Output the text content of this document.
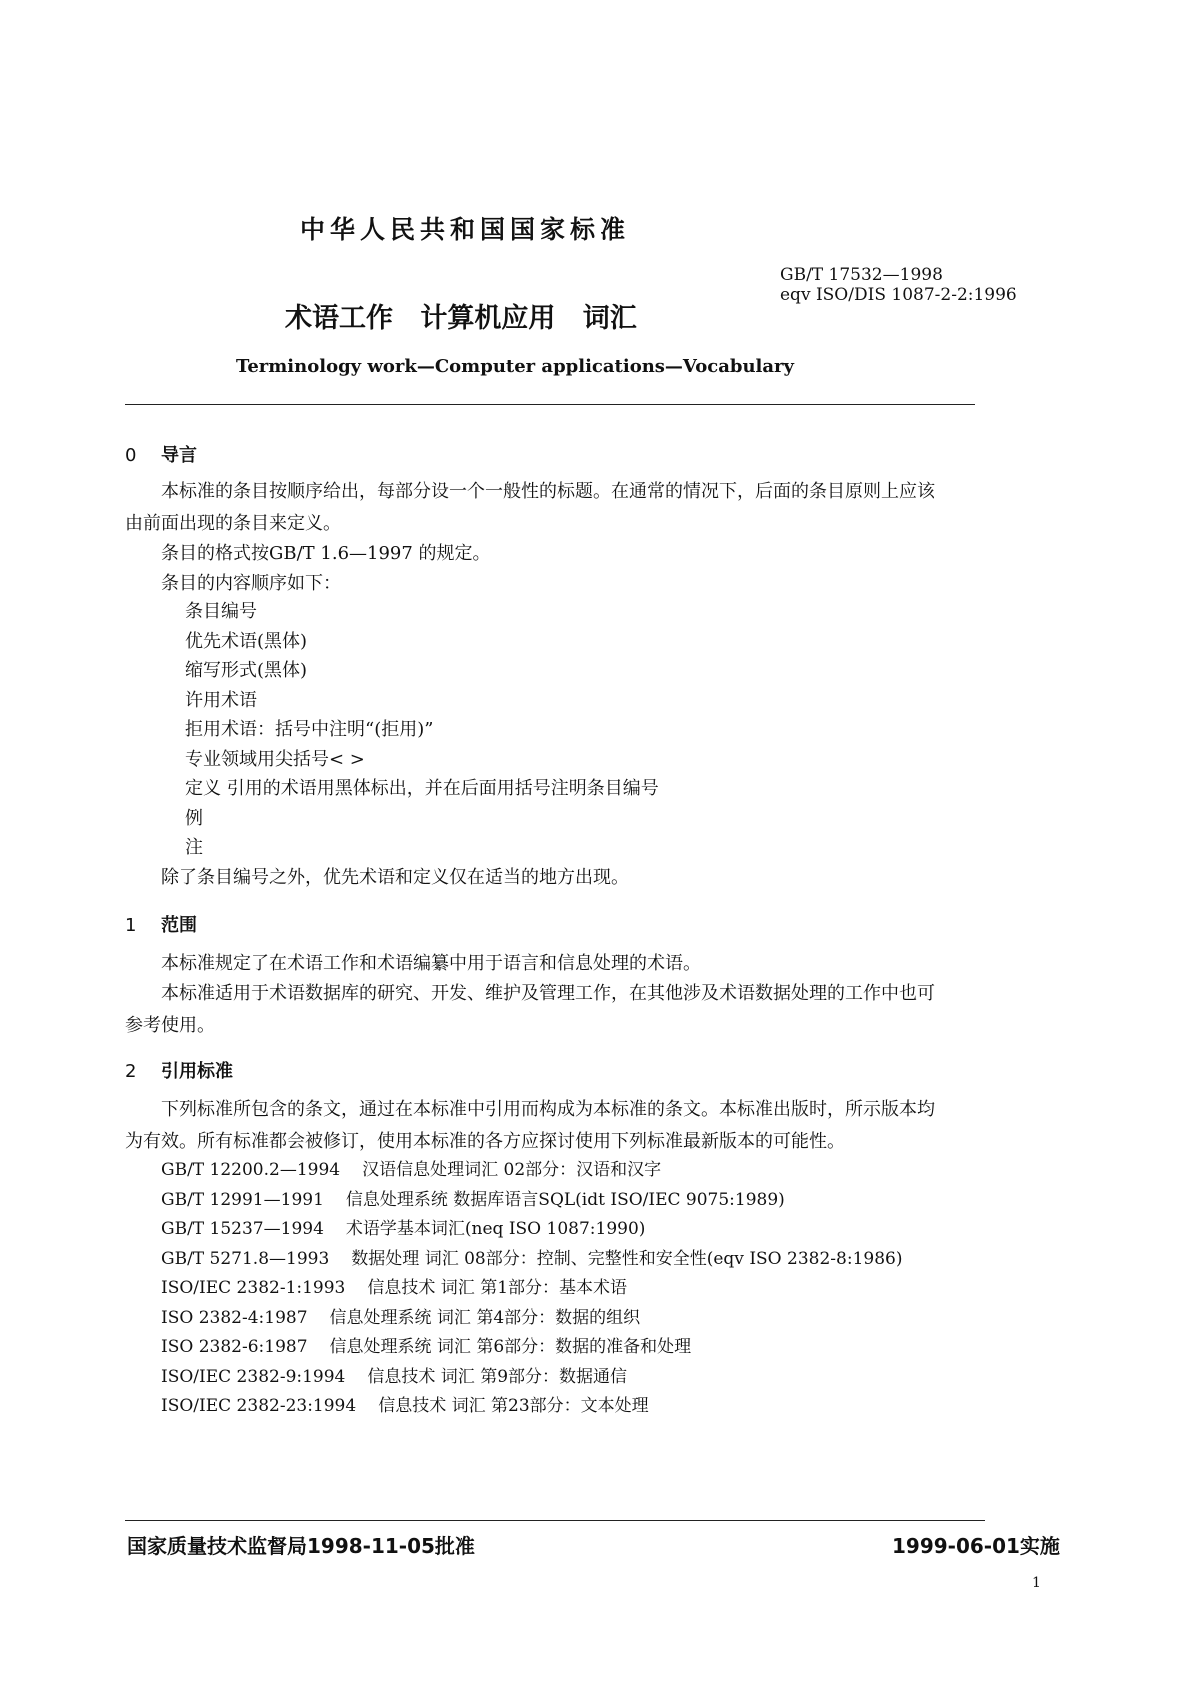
中华人民共和国国家标准
GB/T 17532—1998
eqv ISO/DIS 1087-2-2:1996
术语工作 计算机应用 词汇
Terminology work—Computer applications—Vocabulary
0 导言
本标准的条目按顺序给出，每部分设一个一般性的标题。在通常的情况下，后面的条目原则上应该
由前面出现的条目来定义。
条目的格式按GB/T 1.6—1997 的规定。
条目的内容顺序如下：
条目编号
优先术语(黑体)
缩写形式(黑体)
许用术语
拒用术语：括号中注明“(拒用)”
专业领域用尖括号< >
定义 引用的术语用黑体标出，并在后面用括号注明条目编号
例
注
除了条目编号之外，优先术语和定义仅在适当的地方出现。
1 范围
本标准规定了在术语工作和术语编纂中用于语言和信息处理的术语。
本标准适用于术语数据库的研究、开发、维护及管理工作，在其他涉及术语数据处理的工作中也可
参考使用。
2 引用标准
下列标准所包含的条文，通过在本标准中引用而构成为本标准的条文。本标准出版时，所示版本均
为有效。所有标准都会被修订，使用本标准的各方应探讨使用下列标准最新版本的可能性。
GB/T 12200.2—1994 汉语信息处理词汇 02部分：汉语和汉字
GB/T 12991—1991 信息处理系统 数据库语言SQL(idt ISO/IEC 9075:1989)
GB/T 15237—1994 术语学基本词汇(neq ISO 1087:1990)
GB/T 5271.8—1993 数据处理 词汇 08部分：控制、完整性和安全性(eqv ISO 2382-8:1986)
ISO/IEC 2382-1:1993 信息技术 词汇 第1部分：基本术语
ISO 2382-4:1987 信息处理系统 词汇 第4部分：数据的组织
ISO 2382-6:1987 信息处理系统 词汇 第6部分：数据的准备和处理
ISO/IEC 2382-9:1994 信息技术 词汇 第9部分：数据通信
ISO/IEC 2382-23:1994 信息技术 词汇 第23部分：文本处理
国家质量技术监督局1998-11-05批准	1999-06-01实施
1
